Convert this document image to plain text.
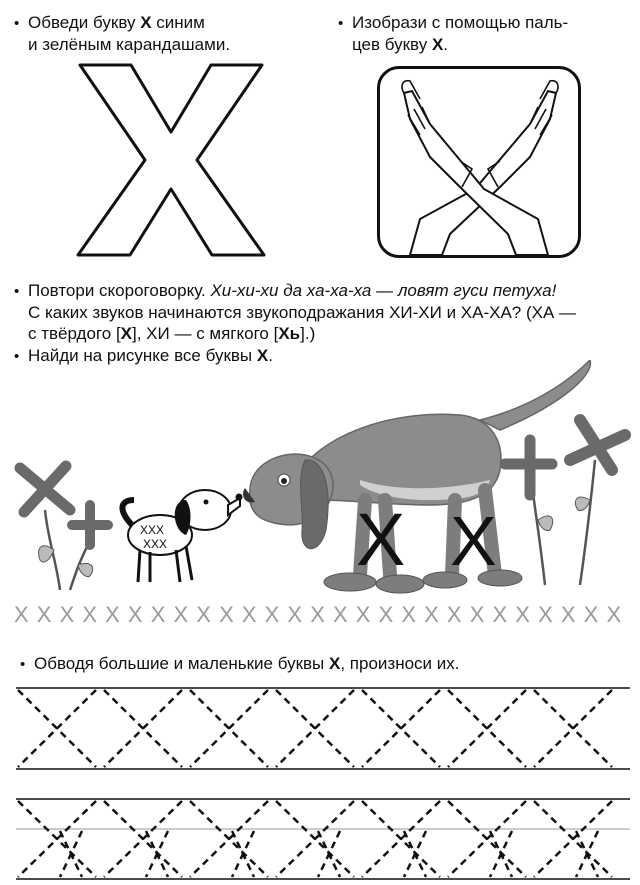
• Обведи букву Х синим
и зелёным карандашами.
• Изобрази с помощью паль-
цев букву Х.
• Повтори скороговорку. Хи-хи-хи да ха-ха-ха — ловят гуси петуха!
С каких звуков начинаются звукоподражания ХИ-ХИ и ХА-ХА? (ХА —
с твёрдого [Х], ХИ — с мягкого [Хь].)
• Найди на рисунке все буквы Х.
ХХХ
ХХХ	Х Х
Х Х Х Х Х Х Х Х Х Х Х Х Х Х Х Х Х Х Х Х Х Х Х Х Х Х Х
• Обводя большие и маленькие буквы Х, произноси их.
